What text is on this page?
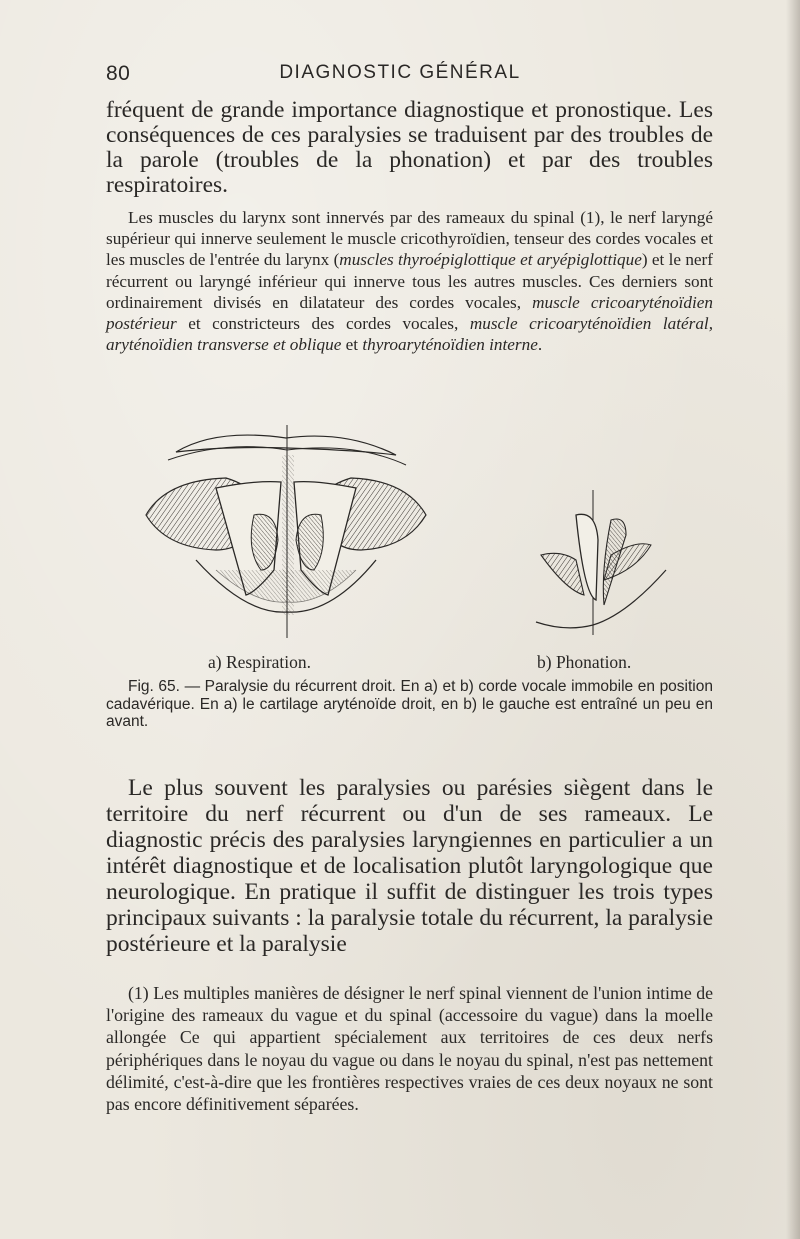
80	DIAGNOSTIC GÉNÉRAL

fréquent de grande importance diagnostique et pronostique. Les conséquences de ces paralysies se traduisent par des troubles de la parole (troubles de la phonation) et par des troubles respiratoires.

Les muscles du larynx sont innervés par des rameaux du spinal (1), le nerf laryngé supérieur qui innerve seulement le muscle cricothyroïdien, tenseur des cordes vocales et les muscles de l'entrée du larynx (muscles thyroépiglottique et aryépiglottique) et le nerf récurrent ou laryngé inférieur qui innerve tous les autres muscles. Ces derniers sont ordinairement divisés en dilatateur des cordes vocales, muscle cricoaryténoïdien postérieur et constricteurs des cordes vocales, muscle cricoaryténoïdien latéral, aryténoïdien transverse et oblique et thyroaryténoïdien interne.

a) Respiration.	b) Phonation.

Fig. 65. — Paralysie du récurrent droit. En a) et b) corde vocale immobile en position cadavérique. En a) le cartilage aryténoïde droit, en b) le gauche est entraîné un peu en avant.

Le plus souvent les paralysies ou parésies siègent dans le territoire du nerf récurrent ou d'un de ses rameaux. Le diagnostic précis des paralysies laryngiennes en particulier a un intérêt diagnostique et de localisation plutôt laryngologique que neurologique. En pratique il suffit de distinguer les trois types principaux suivants : la paralysie totale du récurrent, la paralysie postérieure et la paralysie

(1) Les multiples manières de désigner le nerf spinal viennent de l'union intime de l'origine des rameaux du vague et du spinal (accessoire du vague) dans la moelle allongée Ce qui appartient spécialement aux territoires de ces deux nerfs périphériques dans le noyau du vague ou dans le noyau du spinal, n'est pas nettement délimité, c'est-à-dire que les frontières respectives vraies de ces deux noyaux ne sont pas encore définitivement séparées.
